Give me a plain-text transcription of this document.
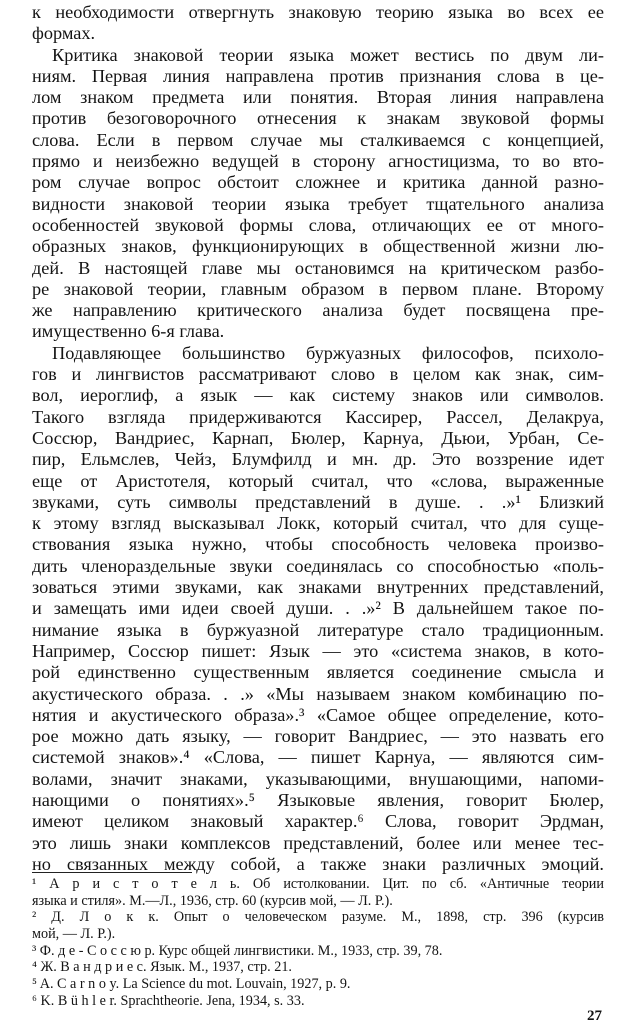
к необходимости отвергнуть знаковую теорию языка во всех ее
формах.
Критика знаковой теории языка может вестись по двум ли-
ниям. Первая линия направлена против признания слова в це-
лом знаком предмета или понятия. Вторая линия направлена
против безоговорочного отнесения к знакам звуковой формы
слова. Если в первом случае мы сталкиваемся с концепцией,
прямо и неизбежно ведущей в сторону агностицизма, то во вто-
ром случае вопрос обстоит сложнее и критика данной разно-
видности знаковой теории языка требует тщательного анализа
особенностей звуковой формы слова, отличающих ее от много-
образных знаков, функционирующих в общественной жизни лю-
дей. В настоящей главе мы остановимся на критическом разбо-
ре знаковой теории, главным образом в первом плане. Второму
же направлению критического анализа будет посвящена пре-
имущественно 6-я глава.
Подавляющее большинство буржуазных философов, психоло-
гов и лингвистов рассматривают слово в целом как знак, сим-
вол, иероглиф, а язык — как систему знаков или символов.
Такого взгляда придерживаются Кассирер, Рассел, Делакруа,
Соссюр, Вандриес, Карнап, Бюлер, Карнуа, Дьюи, Урбан, Се-
пир, Ельмслев, Чейз, Блумфилд и мн. др. Это воззрение идет
еще от Аристотеля, который считал, что «слова, выраженные
звуками, суть символы представлений в душе. . .»¹ Близкий
к этому взгляд высказывал Локк, который считал, что для суще-
ствования языка нужно, чтобы способность человека произво-
дить членораздельные звуки соединялась со способностью «поль-
зоваться этими звуками, как знаками внутренних представлений,
и замещать ими идеи своей души. . .»² В дальнейшем такое по-
нимание языка в буржуазной литературе стало традиционным.
Например, Соссюр пишет: Язык — это «система знаков, в кото-
рой единственно существенным является соединение смысла и
акустического образа. . .» «Мы называем знаком комбинацию по-
нятия и акустического образа».³ «Самое общее определение, кото-
рое можно дать языку, — говорит Вандриес, — это назвать его
системой знаков».⁴ «Слова, — пишет Карнуа, — являются сим-
волами, значит знаками, указывающими, внушающими, напоми-
нающими о понятиях».⁵ Языковые явления, говорит Бюлер,
имеют целиком знаковый характер.⁶ Слова, говорит Эрдман,
это лишь знаки комплексов представлений, более или менее тес-
но связанных между собой, а также знаки различных эмоций.
¹ А р и с т о т е л ь. Об истолковании. Цит. по сб. «Античные теории
языка и стиля». М.—Л., 1936, стр. 60 (курсив мой, — Л. Р.).
² Д. Л о к к. Опыт о человеческом разуме. М., 1898, стр. 396 (курсив
мой, — Л. Р.).
³ Ф. д е - С о с с ю р. Курс общей лингвистики. М., 1933, стр. 39, 78.
⁴ Ж. В а н д р и е с. Язык. М., 1937, стр. 21.
⁵ A. C a r n o y. La Science du mot. Louvain, 1927, p. 9.
⁶ K. B ü h l e r. Sprachtheorie. Jena, 1934, s. 33.
27
